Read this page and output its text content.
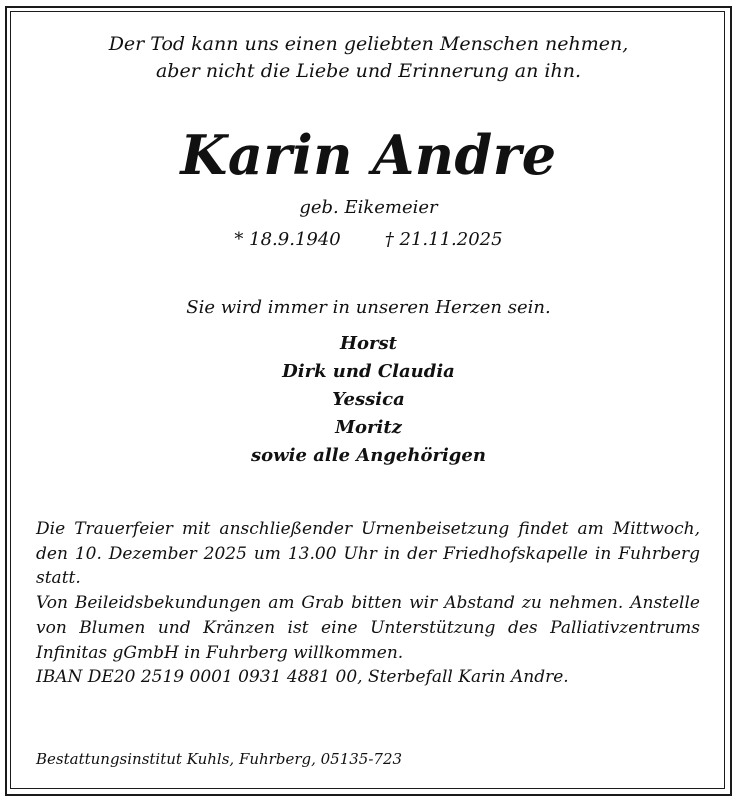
Der Tod kann uns einen geliebten Menschen nehmen,
aber nicht die Liebe und Erinnerung an ihn.
Karin Andre
geb. Eikemeier
* 18.9.1940 † 21.11.2025
Sie wird immer in unseren Herzen sein.
Horst
Dirk und Claudia
Yessica
Moritz
sowie alle Angehörigen

Die Trauerfeier mit anschließender Urnenbeisetzung findet am Mittwoch, den 10. Dezember 2025 um 13.00 Uhr in der Friedhofskapelle in Fuhrberg statt.

Von Beileidsbekundungen am Grab bitten wir Abstand zu nehmen. Anstelle von Blumen und Kränzen ist eine Unterstützung des Palliativzentrums Infinitas gGmbH in Fuhrberg willkommen.

IBAN DE20 2519 0001 0931 4881 00, Sterbefall Karin Andre.

Bestattungsinstitut Kuhls, Fuhrberg, 05135-723
